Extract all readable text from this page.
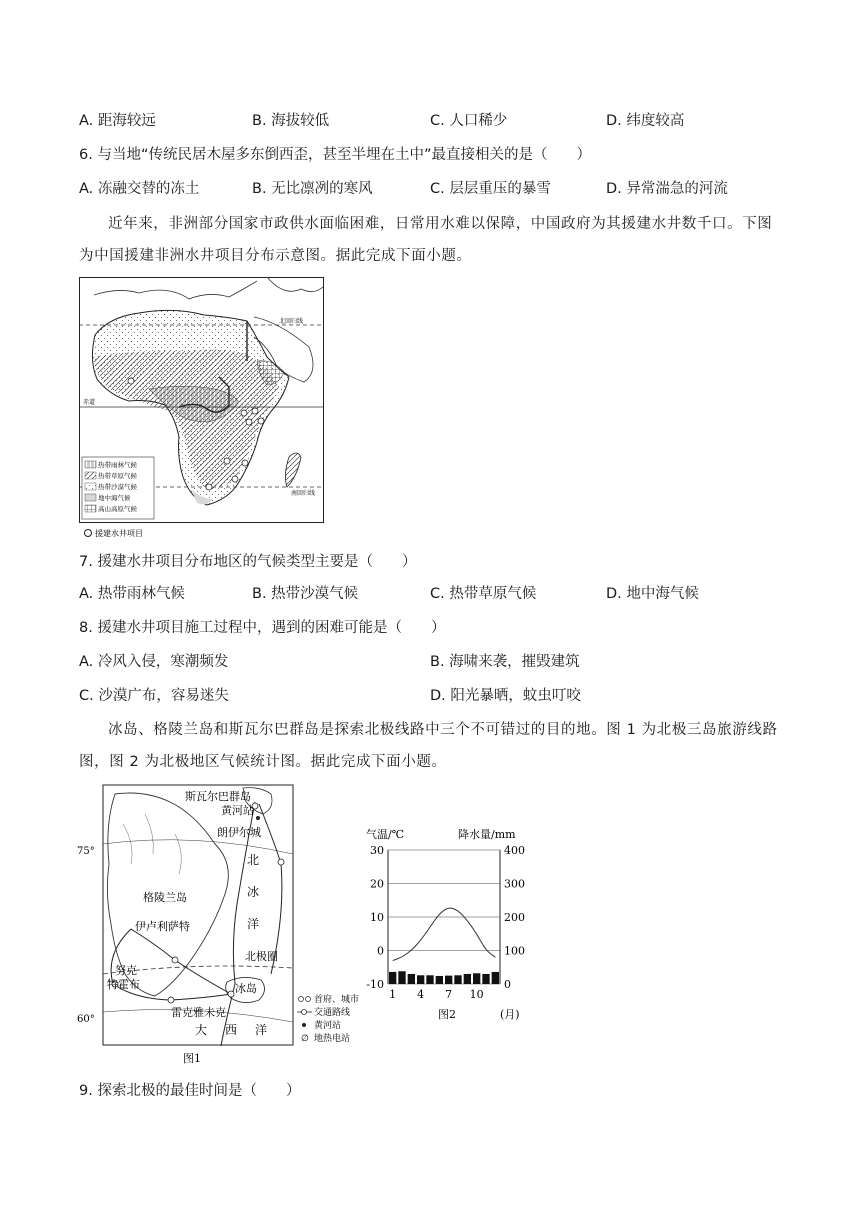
A. 距海较远	B. 海拔较低	C. 人口稀少	D. 纬度较高
6. 与当地“传统民居木屋多东倒西歪，甚至半埋在土中”最直接相关的是（　　）
A. 冻融交替的冻土	B. 无比凛冽的寒风	C. 层层重压的暴雪	D. 异常湍急的河流
近年来，非洲部分国家市政供水面临困难，日常用水难以保障，中国政府为其援建水井数千口。下图为中国援建非洲水井项目分布示意图。据此完成下面小题。
北回归线
赤道
南回归线
热带雨林气候
热带草原气候
热带沙漠气候
地中海气候
高山高原气候
援建水井项目
7. 援建水井项目分布地区的气候类型主要是（　　）
A. 热带雨林气候	B. 热带沙漠气候	C. 热带草原气候	D. 地中海气候
8. 援建水井项目施工过程中，遇到的困难可能是（　　）
A. 冷风入侵，寒潮频发	B. 海啸来袭，摧毁建筑
C. 沙漠广布，容易迷失	D. 阳光暴晒，蚊虫叮咬
冰岛、格陵兰岛和斯瓦尔巴群岛是探索北极线路中三个不可错过的目的地。图 1 为北极三岛旅游线路图，图 2 为北极地区气候统计图。据此完成下面小题。
斯瓦尔巴群岛
黄河站
朗伊尔城
75°
60°
格陵兰岛
伊卢利萨特
努克
特霍布
雷克雅未克
冰岛
北极圈
北
冰
洋
大 西 洋
首府、城市
交通路线
黄河站
∅ 地热电站
图1
气温/℃	降水量/mm
-10	0
0	100
10	200
20	300
30	400
1 4 7 10
(月)
图2
9. 探索北极的最佳时间是（　　）
